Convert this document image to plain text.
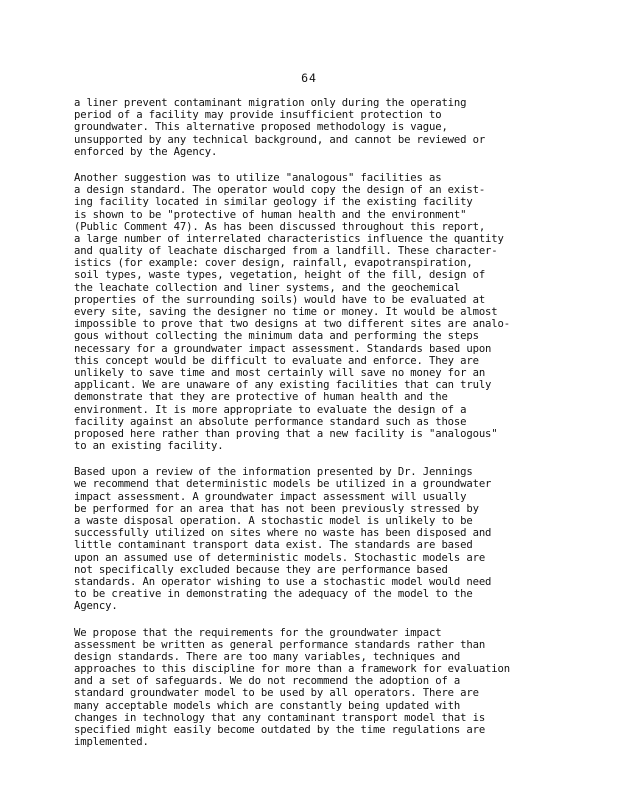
64
a liner prevent contaminant migration only during the operating
period of a facility may provide insufficient protection to
groundwater. This alternative proposed methodology is vague,
unsupported by any technical background, and cannot be reviewed or
enforced by the Agency.
Another suggestion was to utilize "analogous" facilities as
a design standard. The operator would copy the design of an exist-
ing facility located in similar geology if the existing facility
is shown to be "protective of human health and the environment"
(Public Comment 47). As has been discussed throughout this report,
a large number of interrelated characteristics influence the quantity
and quality of leachate discharged from a landfill. These character-
istics (for example: cover design, rainfall, evapotranspiration,
soil types, waste types, vegetation, height of the fill, design of
the leachate collection and liner systems, and the geochemical
properties of the surrounding soils) would have to be evaluated at
every site, saving the designer no time or money. It would be almost
impossible to prove that two designs at two different sites are analo-
gous without collecting the minimum data and performing the steps
necessary for a groundwater impact assessment. Standards based upon
this concept would be difficult to evaluate and enforce. They are
unlikely to save time and most certainly will save no money for an
applicant. We are unaware of any existing facilities that can truly
demonstrate that they are protective of human health and the
environment. It is more appropriate to evaluate the design of a
facility against an absolute performance standard such as those
proposed here rather than proving that a new facility is "analogous"
to an existing facility.
Based upon a review of the information presented by Dr. Jennings
we recommend that deterministic models be utilized in a groundwater
impact assessment. A groundwater impact assessment will usually
be performed for an area that has not been previously stressed by
a waste disposal operation. A stochastic model is unlikely to be
successfully utilized on sites where no waste has been disposed and
little contaminant transport data exist. The standards are based
upon an assumed use of deterministic models. Stochastic models are
not specifically excluded because they are performance based
standards. An operator wishing to use a stochastic model would need
to be creative in demonstrating the adequacy of the model to the
Agency.
We propose that the requirements for the groundwater impact
assessment be written as general performance standards rather than
design standards. There are too many variables, techniques and
approaches to this discipline for more than a framework for evaluation
and a set of safeguards. We do not recommend the adoption of a
standard groundwater model to be used by all operators. There are
many acceptable models which are constantly being updated with
changes in technology that any contaminant transport model that is
specified might easily become outdated by the time regulations are
implemented.
